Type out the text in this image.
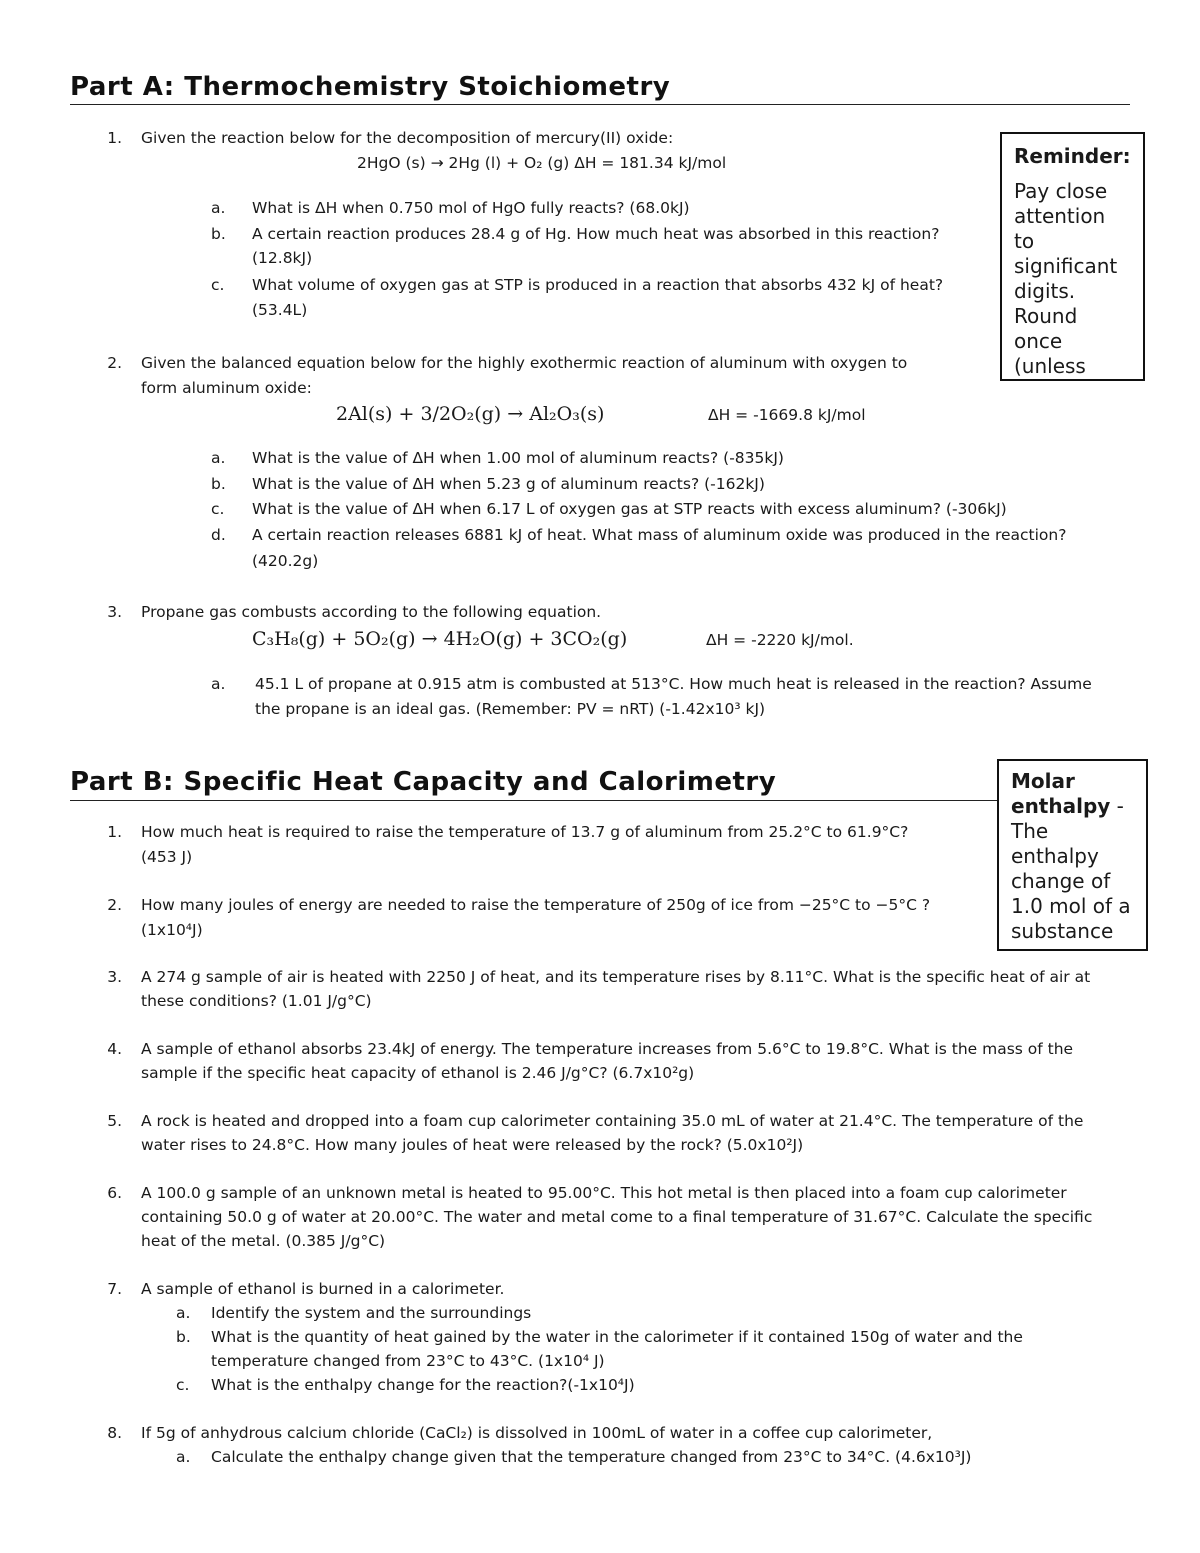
Part A: Thermochemistry Stoichiometry
1. Given the reaction below for the decomposition of mercury(II) oxide:
2HgO (s) → 2Hg (l) + O₂ (g) ΔH = 181.34 kJ/mol
a. What is ΔH when 0.750 mol of HgO fully reacts? (68.0kJ)
b. A certain reaction produces 28.4 g of Hg. How much heat was absorbed in this reaction?
(12.8kJ)
c. What volume of oxygen gas at STP is produced in a reaction that absorbs 432 kJ of heat?
(53.4L)
2. Given the balanced equation below for the highly exothermic reaction of aluminum with oxygen to
form aluminum oxide:
2Al(s) + 3/2O₂(g) → Al₂O₃(s)	ΔH = -1669.8 kJ/mol
a. What is the value of ΔH when 1.00 mol of aluminum reacts? (-835kJ)
b. What is the value of ΔH when 5.23 g of aluminum reacts? (-162kJ)
c. What is the value of ΔH when 6.17 L of oxygen gas at STP reacts with excess aluminum? (-306kJ)
d. A certain reaction releases 6881 kJ of heat. What mass of aluminum oxide was produced in the reaction?
(420.2g)
3. Propane gas combusts according to the following equation.
C₃H₈(g) + 5O₂(g) → 4H₂O(g) + 3CO₂(g)	ΔH = -2220 kJ/mol.
a. 45.1 L of propane at 0.915 atm is combusted at 513°C. How much heat is released in the reaction? Assume
the propane is an ideal gas. (Remember: PV = nRT) (-1.42x10³ kJ)
Reminder:
Pay close
attention
to
significant
digits.
Round
once
(unless
Part B: Specific Heat Capacity and Calorimetry
1. How much heat is required to raise the temperature of 13.7 g of aluminum from 25.2°C to 61.9°C?
(453 J)
2. How many joules of energy are needed to raise the temperature of 250g of ice from −25°C to −5°C ?
(1x10⁴J)
3. A 274 g sample of air is heated with 2250 J of heat, and its temperature rises by 8.11°C. What is the specific heat of air at
these conditions? (1.01 J/g°C)
4. A sample of ethanol absorbs 23.4kJ of energy. The temperature increases from 5.6°C to 19.8°C. What is the mass of the
sample if the specific heat capacity of ethanol is 2.46 J/g°C? (6.7x10²g)
5. A rock is heated and dropped into a foam cup calorimeter containing 35.0 mL of water at 21.4°C. The temperature of the
water rises to 24.8°C. How many joules of heat were released by the rock? (5.0x10²J)
6. A 100.0 g sample of an unknown metal is heated to 95.00°C. This hot metal is then placed into a foam cup calorimeter
containing 50.0 g of water at 20.00°C. The water and metal come to a final temperature of 31.67°C. Calculate the specific
heat of the metal. (0.385 J/g°C)
7. A sample of ethanol is burned in a calorimeter.
a. Identify the system and the surroundings
b. What is the quantity of heat gained by the water in the calorimeter if it contained 150g of water and the
temperature changed from 23°C to 43°C. (1x10⁴ J)
c. What is the enthalpy change for the reaction?(-1x10⁴J)
8. If 5g of anhydrous calcium chloride (CaCl₂) is dissolved in 100mL of water in a coffee cup calorimeter,
a. Calculate the enthalpy change given that the temperature changed from 23°C to 34°C. (4.6x10³J)
Molar
enthalpy -
The
enthalpy
change of
1.0 mol of a
substance
